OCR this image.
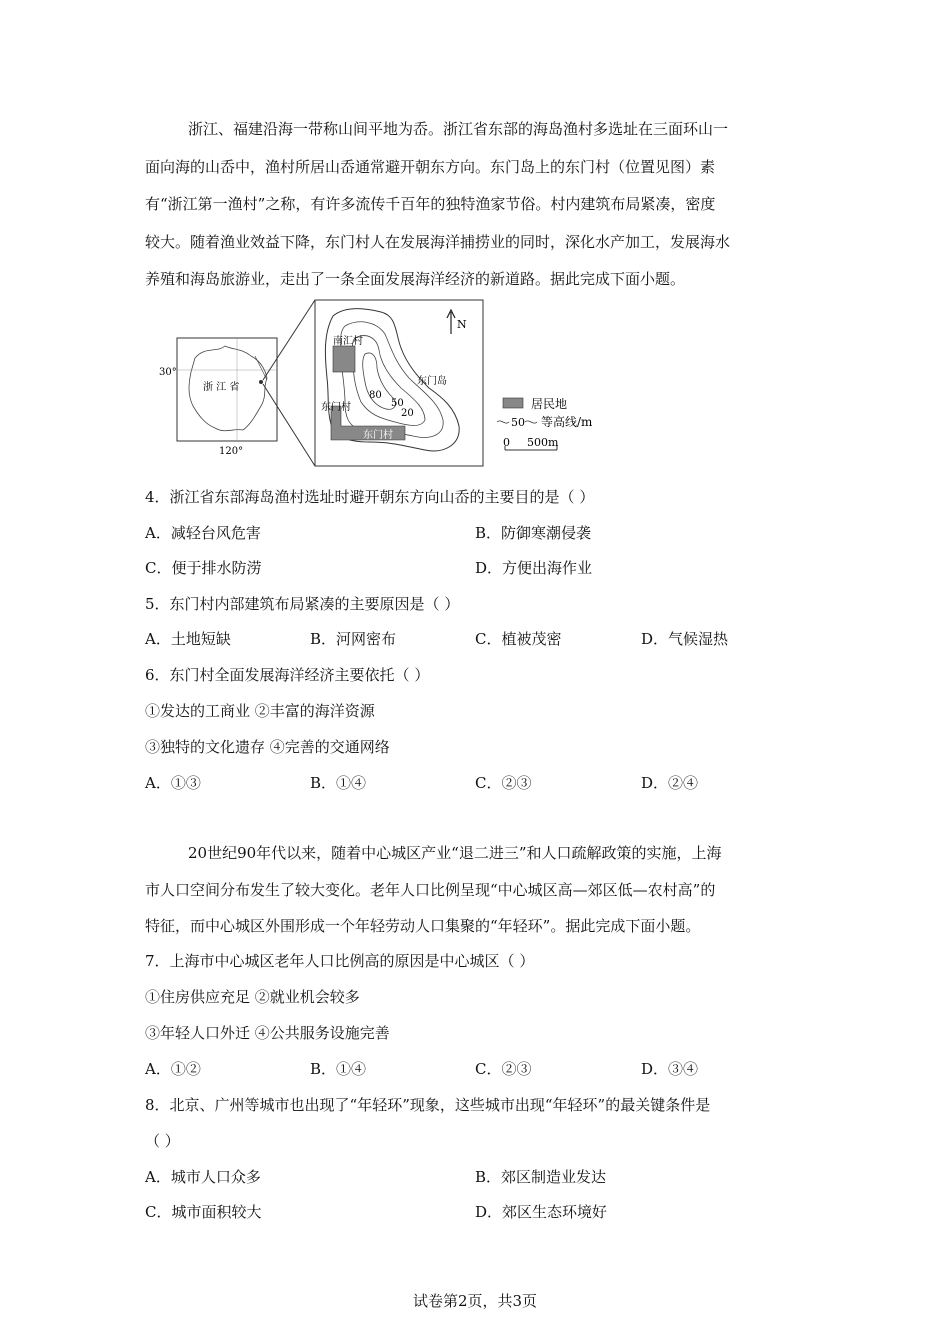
浙江、福建沿海一带称山间平地为岙。浙江省东部的海岛渔村多选址在三面环山一
面向海的山岙中，渔村所居山岙通常避开朝东方向。东门岛上的东门村（位置见图）素
有“浙江第一渔村”之称，有许多流传千百年的独特渔家节俗。村内建筑布局紧凑，密度
较大。随着渔业效益下降，东门村人在发展海洋捕捞业的同时，深化水产加工，发展海水
养殖和海岛旅游业，走出了一条全面发展海洋经济的新道路。据此完成下面小题。
30°
120°
浙 江 省
南汇村
东门岛
东门村
东门村
80
50
20
N
居民地
50 等高线/m
0 500m
4．浙江省东部海岛渔村选址时避开朝东方向山岙的主要目的是（ ）
A．减轻台风危害	B．防御寒潮侵袭
C．便于排水防涝	D．方便出海作业
5．东门村内部建筑布局紧凑的主要原因是（ ）
A．土地短缺	B．河网密布	C．植被茂密	D．气候湿热
6．东门村全面发展海洋经济主要依托（ ）
①发达的工商业 ②丰富的海洋资源
③独特的文化遗存 ④完善的交通网络
A．①③	B．①④	C．②③	D．②④
20世纪90年代以来，随着中心城区产业“退二进三”和人口疏解政策的实施，上海
市人口空间分布发生了较大变化。老年人口比例呈现“中心城区高—郊区低—农村高”的
特征，而中心城区外围形成一个年轻劳动人口集聚的“年轻环”。据此完成下面小题。
7．上海市中心城区老年人口比例高的原因是中心城区（ ）
①住房供应充足 ②就业机会较多
③年轻人口外迁 ④公共服务设施完善
A．①②	B．①④	C．②③	D．③④
8．北京、广州等城市也出现了“年轻环”现象，这些城市出现“年轻环”的最关键条件是
（ ）
A．城市人口众多	B．郊区制造业发达
C．城市面积较大	D．郊区生态环境好
试卷第2页，共3页
